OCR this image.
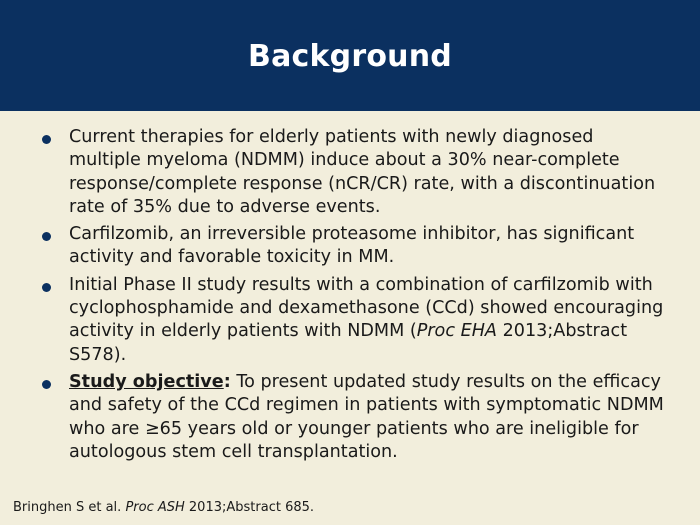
Background
Current therapies for elderly patients with newly diagnosed multiple myeloma (NDMM) induce about a 30% near-complete response/complete response (nCR/CR) rate, with a discontinuation rate of 35% due to adverse events.
Carfilzomib, an irreversible proteasome inhibitor, has significant activity and favorable toxicity in MM.
Initial Phase II study results with a combination of carfilzomib with cyclophosphamide and dexamethasone (CCd) showed encouraging activity in elderly patients with NDMM (Proc EHA 2013;Abstract S578).
Study objective: To present updated study results on the efficacy and safety of the CCd regimen in patients with symptomatic NDMM who are ≥65 years old or younger patients who are ineligible for autologous stem cell transplantation.

Bringhen S et al. Proc ASH 2013;Abstract 685.
